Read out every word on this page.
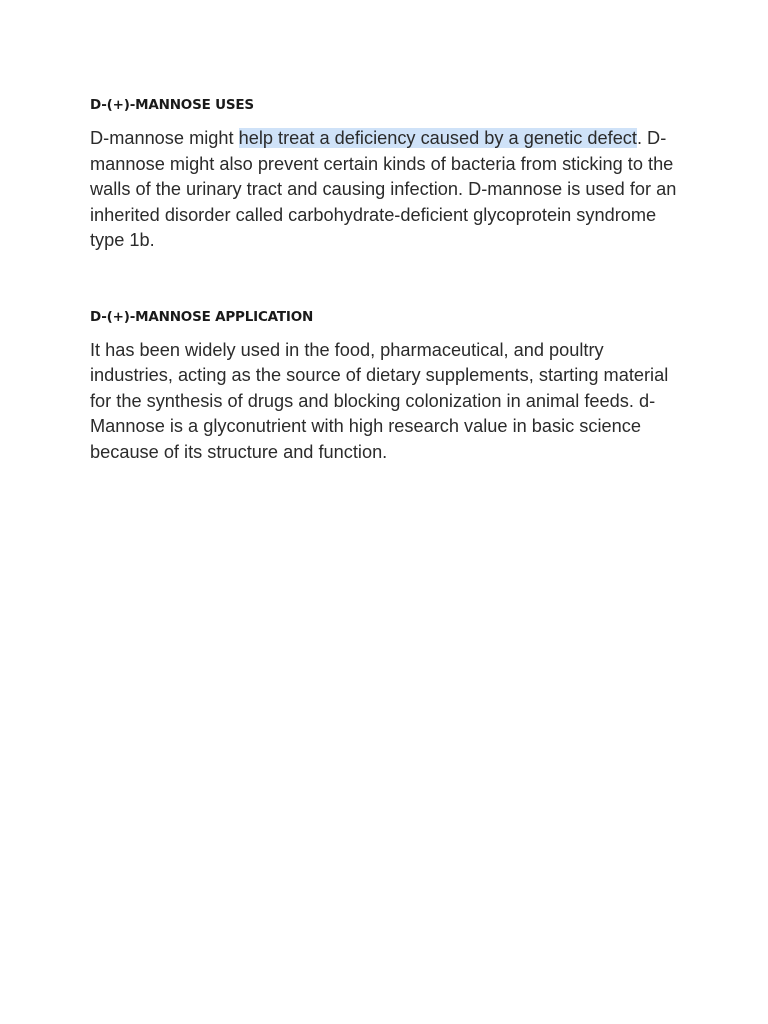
D-(+)-MANNOSE USES

D-mannose might help treat a deficiency caused by a genetic defect. D-mannose might also prevent certain kinds of bacteria from sticking to the walls of the urinary tract and causing infection. D-mannose is used for an inherited disorder called carbohydrate-deficient glycoprotein syndrome type 1b.

D-(+)-MANNOSE APPLICATION

It has been widely used in the food, pharmaceutical, and poultry industries, acting as the source of dietary supplements, starting material for the synthesis of drugs and blocking colonization in animal feeds. d-Mannose is a glyconutrient with high research value in basic science because of its structure and function.
